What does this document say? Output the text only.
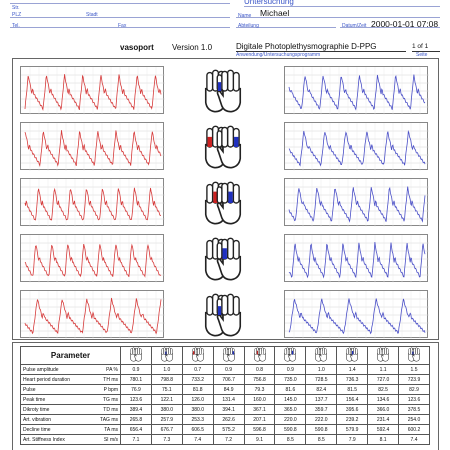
Str.
Untersuchung
PLZ	Stadt	Michael
Name
Tel.	Fax	2000-01-01 07:08
Abteilung	Datum/Zeit
vasoport Version 1.0	Digitale Photoplethysmographie D-PPG
Anwendung/Untersuchungsprogramm
1 of 1
Seite
Parameter										

Pulse amplitude PA %	0.9	1.0	0.7	0.9	0.8	0.9	1.0	1.4	1.1	1.5

Heart period duration TH ms	780.1	798.8	733.2	706.7	756.8	735.0	728.5	736.3	727.0	723.9

Pulse P bpm	76.9	75.1	81.8	84.9	79.3	81.6	82.4	81.5	82.5	82.9

Peak time TG ms	123.6	122.1	126.0	131.4	160.0	145.0	137.7	156.4	134.6	123.6

Dikroty time TD ms	389.4	380.0	380.0	394.1	367.1	365.0	359.7	395.6	366.0	378.5

Art. vibration TAG ms	265.8	257.9	253.3	262.6	207.1	220.0	222.0	239.2	231.4	254.0

Decline time TA ms	656.4	676.7	606.5	575.2	596.8	590.8	590.8	579.9	592.4	600.2

Art. Stiffness Index SI m/s	7.1	7.3	7.4	7.2	9.1	8.5	8.5	7.9	8.1	7.4
